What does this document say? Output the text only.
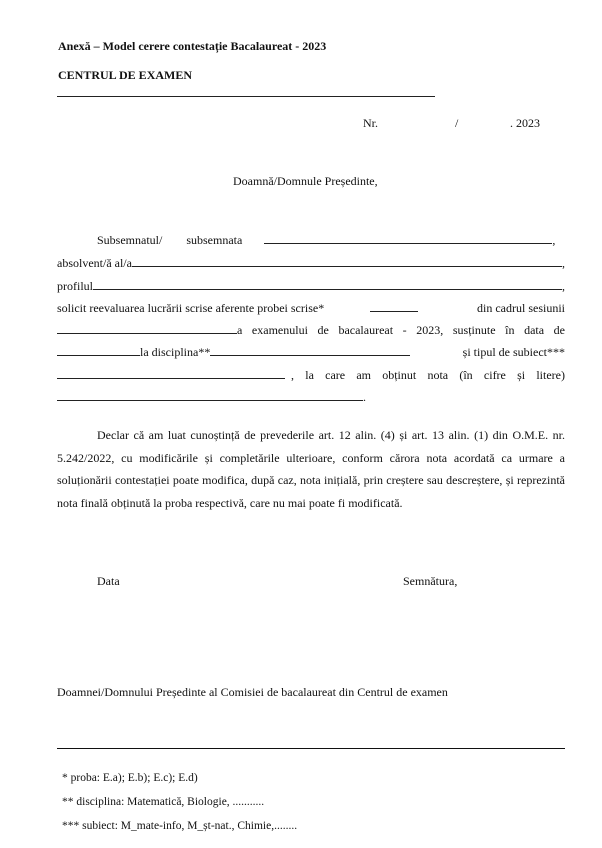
Anexă – Model cerere contestație Bacalaureat - 2023
CENTRUL DE EXAMEN
Nr.	/	. 2023
Doamnă/Domnule Președinte,
Subsemnatul/ subsemnata	,
absolvent/ă al/a	,
profilul	,
solicit reevaluarea lucrării scrise aferente probei scrise*	din cadrul sesiunii
a examenului de bacalaureat - 2023, susținute în data de
la disciplina**	și tipul de subiect***
, la care am obținut nota (în cifre și litere)
.
Declar că am luat cunoștință de prevederile art. 12 alin. (4) și art. 13 alin. (1) din O.M.E. nr. 5.242/2022, cu modificările și completările ulterioare, conform cărora nota acordată ca urmare a soluționării contestației poate modifica, după caz, nota inițială, prin creștere sau descreștere, și reprezintă nota finală obținută la proba respectivă, care nu mai poate fi modificată.
Data	Semnătura,
Doamnei/Domnului Președinte al Comisiei de bacalaureat din Centrul de examen
* proba: E.a); E.b); E.c); E.d)
** disciplina: Matematică, Biologie, ...........
*** subiect: M_mate-info, M_șt-nat., Chimie,........
